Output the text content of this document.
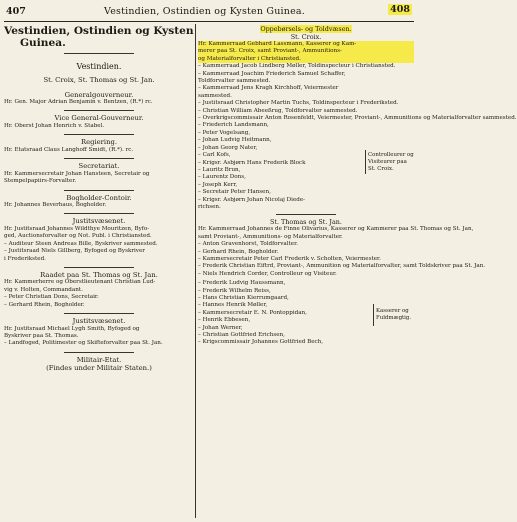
407	Vestindien, Ostindien og Kysten Guinea.	408
Vestindien, Ostindien og Kysten
Guinea.
Vestindien.
St. Croix, St. Thomas og St. Jan.
Generalgouverneur.
Hr. Gen. Major Adrian Benjamin v. Bentzen, (R.*) rc.
Vice General-Gouverneur.
Hr. Oberst Johan Henrich v. Stabel.
Regiering.
Hr. Etatsraad Claus Langhoff Smidt, (R.*). rc.
Secretariat.
Hr. Kammersecretair Johan Hansteen, Secretair og
Stempelpapiirs-Forvalter.
Bogholder-Contoir.
Hr. Johannes Beverhaus, Bogholder.
Justitsvæsenet.
Hr. Justitsraad Johannes Wildthye Mouritzen, Byfo-
ged, Auctionsforvalter og Not. Publ. i Christiansted.
– Auditeur Steen Andreas Bille, Byskriver sammested.
– Justitsraad Niels Gillberg, Byfoged og Byskriver
i Frederiksted.
Raadet paa St. Thomas og St. Jan.
Hr. Kammerherre og Oberstlieutenant Christian Lud-
vig v. Holten, Commandant.
– Peter Christian Dons, Secretair.
– Gerhard Rhein, Bogholder.
Justitsvæsenet.
Hr. Justitsraad Michael Lygh Smith, Byfoged og
Byskriver paa St. Thomas.
– Landfoged, Politimester og Skifteforvalter paa St. Jan.
Militair-Etat.
(Findes under Militair Staten.)
Oppebørsels- og Toldvæsen.
St. Croix.
Hr. Kammerraad Gebhard Lassmann, Kasserer og Kam-
merer paa St. Croix, samt Proviant-, Ammunitions-
og Materialforvalter i Christiansted.
– Kammerraad Jacob Lindberg Møller, Toldinspecteur i Christiansted.
– Kammerraad Joachim Friederich Samuel Schaffer,
Toldforvalter sammested.
– Kammerraad Jens Kragh Kirchhoff, Veiermester
sammested.
– Justitsraad Christopher Martin Tuchs, Toldinspecteur i Frederiksted.
– Christian William Abeeßrug, Toldforvalter sammested.
– Overkrigscommissair Anton Rosenfeldt, Veiermester, Proviant-, Ammunitions og Materialforvalter sammested.
– Friederich Landsmann,
– Peter Vogelsang,
– Johan Ludvig Heitmann,
– Johan Georg Nater,
– Carl Kofs,
– Krigsr. Asbjørn Hans Frederik Block
– Lauritz Brun,
– Laurentz Dons,
– Joseph Kerr,
– Secretair Peter Hansen,
– Krigsr. Asbjørn Johan Nicolaj Diede-
richsen.
Controlleurer og Visiteurer paa St. Croix.
St. Thomas og St. Jan.
Hr. Kammerraad Johannes de Finne Olivarius, Kasserer og Kammerer paa St. Thomas og St. Jan,
samt Proviant-, Ammunitions- og Materialforvalter.
– Anton Gravenhorst, Toldforvalter.
– Gerhard Rhein, Bogholder.
– Kammersecretair Peter Carl Frederik v. Scholten, Veiermester.
– Frederik Christian Eiftrd, Proviant-, Ammunition og Materialforvalter, samt Toldskriver paa St. Jan.
– Niels Hendrich Corder, Controlleur og Visiteur.
– Frederik Ludvig Haussmann,
– Frederik Wilhelm Reiss,
– Hans Christian Kierrumgaard,
– Hannes Henrik Møller,
– Kammersecretair E. N. Pontoppidan,
– Henrik Ebbesen,
– Johan Werner,
– Christian Gottfried Erichsen,
– Krigscommissair Johannes Gottfried Bech,
Kasserer og Fuldmægtig.
